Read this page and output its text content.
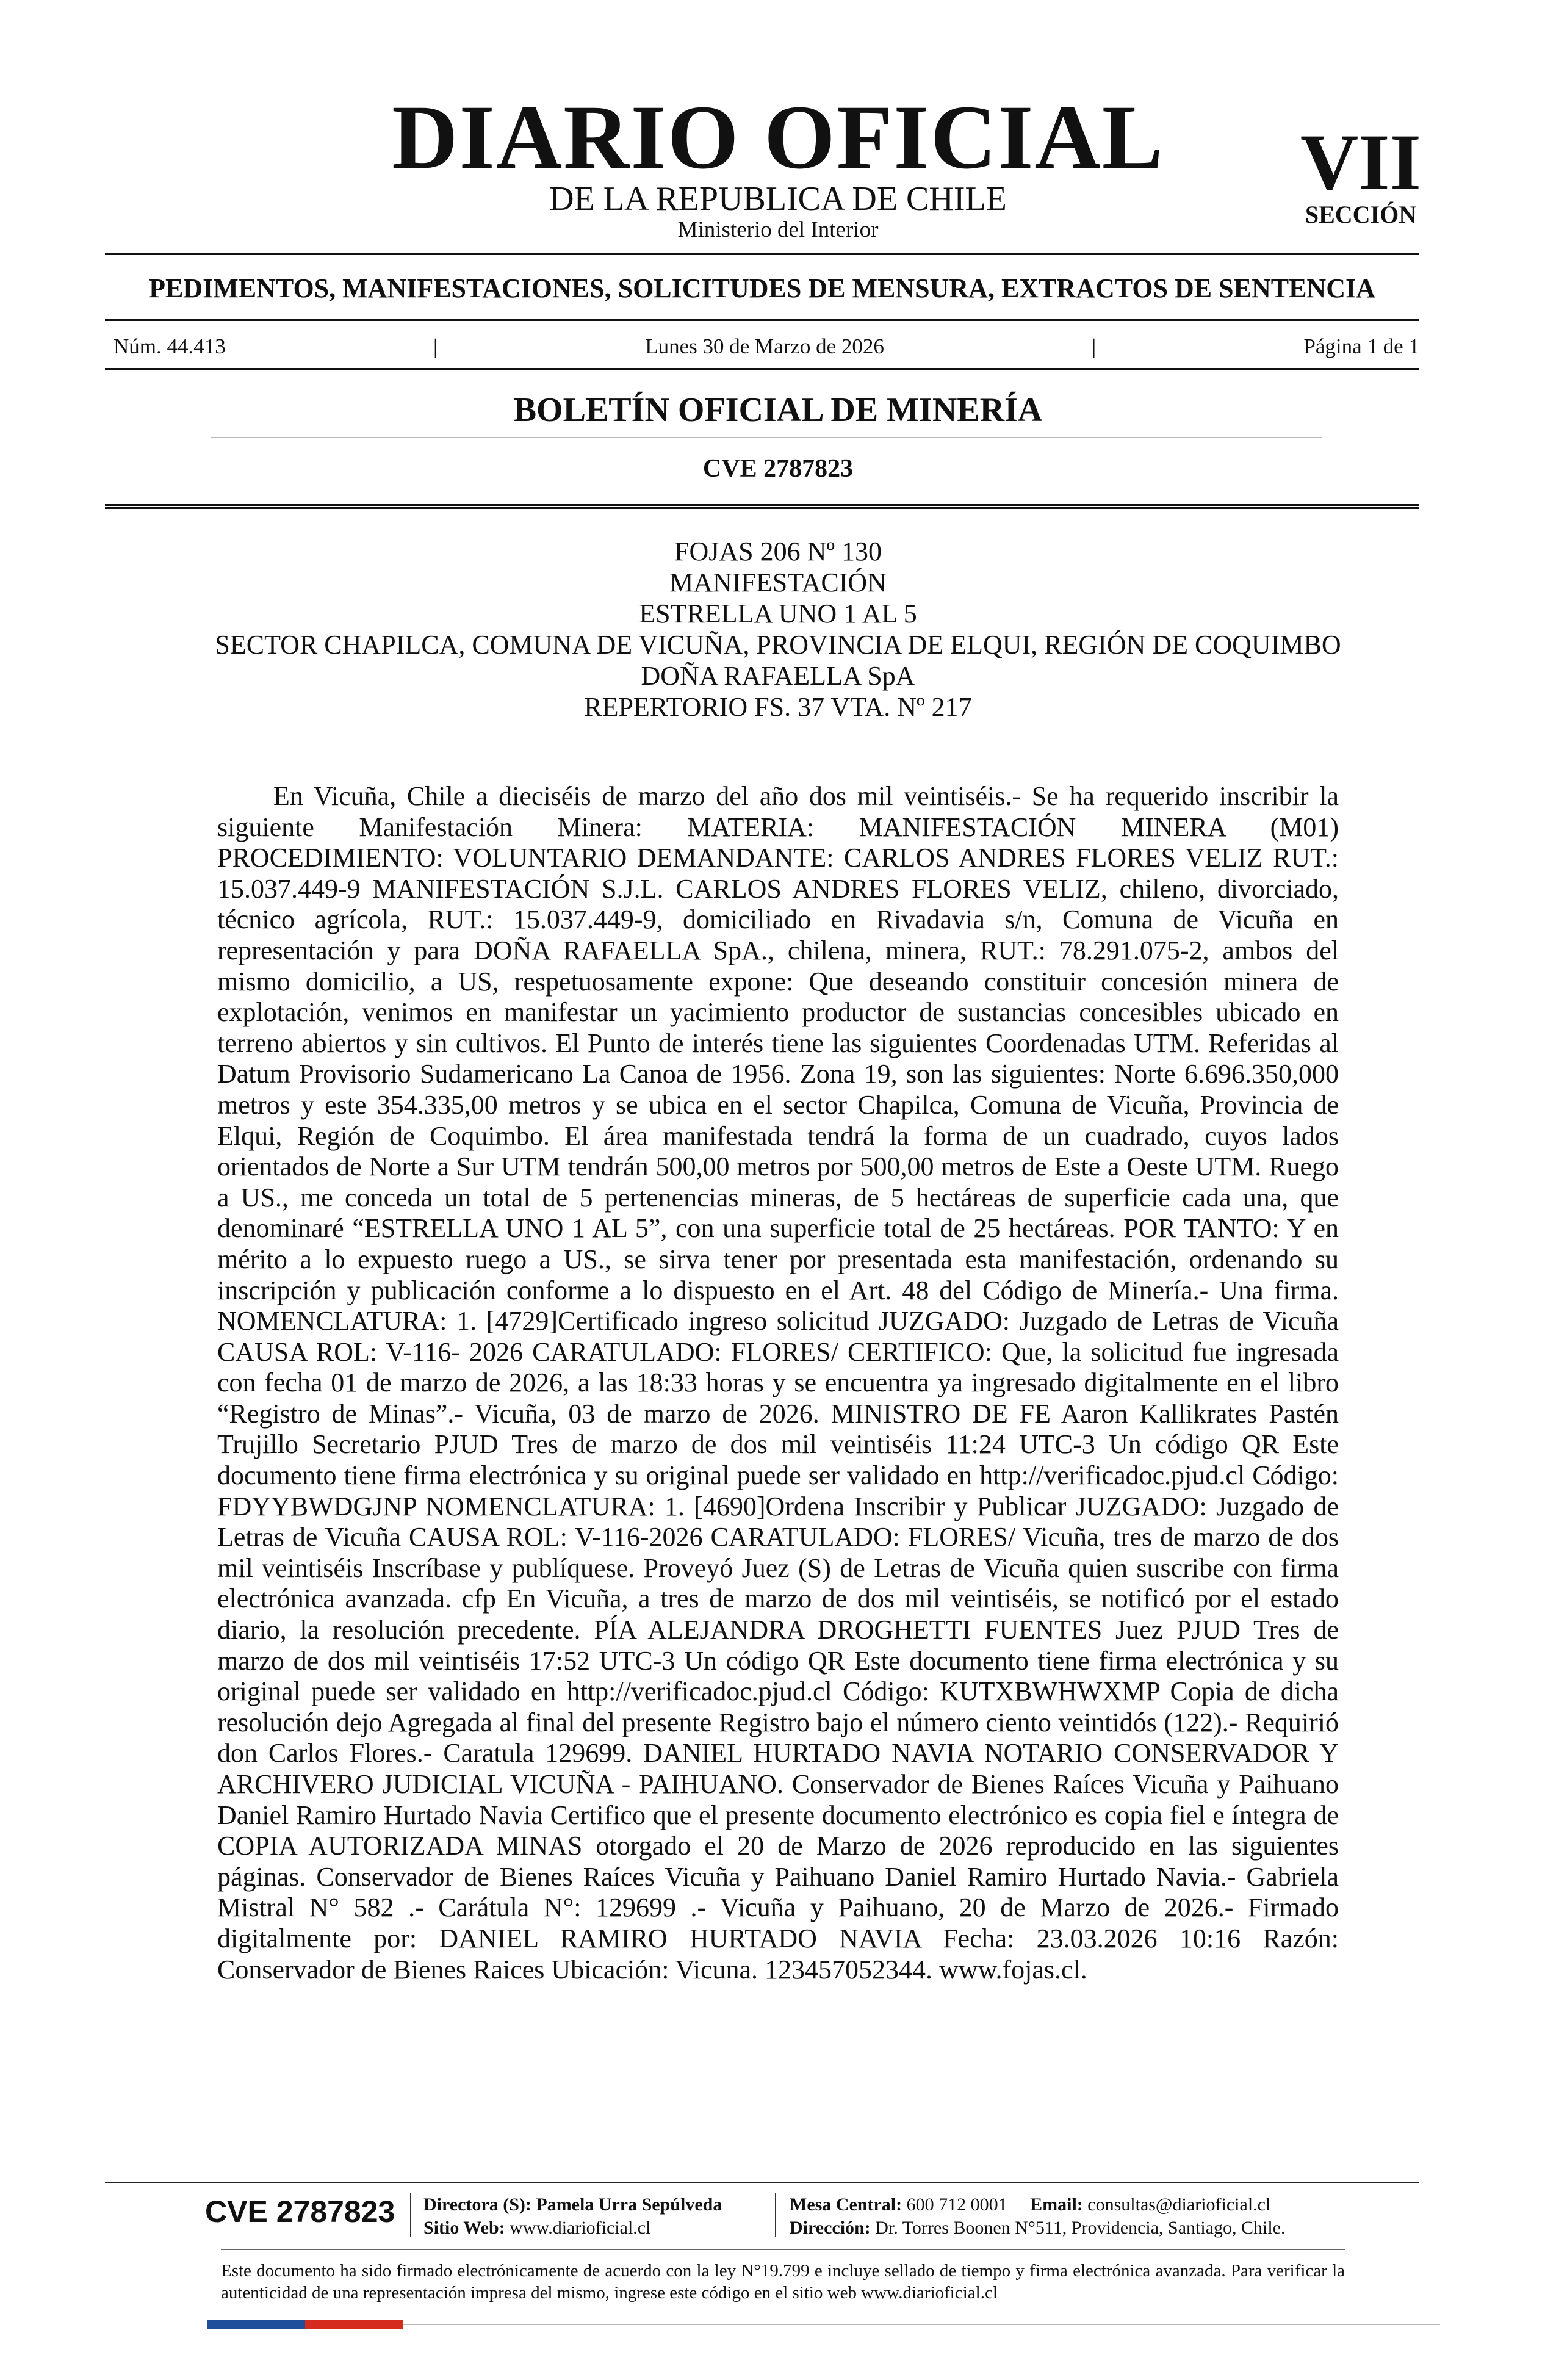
DIARIO OFICIAL
DE LA REPUBLICA DE CHILE
Ministerio del Interior
VII
SECCIÓN
PEDIMENTOS, MANIFESTACIONES, SOLICITUDES DE MENSURA, EXTRACTOS DE SENTENCIA
Núm. 44.413	|	Lunes 30 de Marzo de 2026	|	Página 1 de 1
BOLETÍN OFICIAL DE MINERÍA
CVE 2787823
FOJAS 206 Nº 130
MANIFESTACIÓN
ESTRELLA UNO 1 AL 5
SECTOR CHAPILCA, COMUNA DE VICUÑA, PROVINCIA DE ELQUI, REGIÓN DE COQUIMBO
DOÑA RAFAELLA SpA
REPERTORIO FS. 37 VTA. Nº 217
En Vicuña, Chile a dieciséis de marzo del año dos mil veintiséis.- Se ha requerido inscribir la siguiente Manifestación Minera: MATERIA: MANIFESTACIÓN MINERA (M01) PROCEDIMIENTO: VOLUNTARIO DEMANDANTE: CARLOS ANDRES FLORES VELIZ RUT.: 15.037.449-9 MANIFESTACIÓN S.J.L. CARLOS ANDRES FLORES VELIZ, chileno, divorciado, técnico agrícola, RUT.: 15.037.449-9, domiciliado en Rivadavia s/n, Comuna de Vicuña en representación y para DOÑA RAFAELLA SpA., chilena, minera, RUT.: 78.291.075-2, ambos del mismo domicilio, a US, respetuosamente expone: Que deseando constituir concesión minera de explotación, venimos en manifestar un yacimiento productor de sustancias concesibles ubicado en terreno abiertos y sin cultivos. El Punto de interés tiene las siguientes Coordenadas UTM. Referidas al Datum Provisorio Sudamericano La Canoa de 1956. Zona 19, son las siguientes: Norte 6.696.350,000 metros y este 354.335,00 metros y se ubica en el sector Chapilca, Comuna de Vicuña, Provincia de Elqui, Región de Coquimbo. El área manifestada tendrá la forma de un cuadrado, cuyos lados orientados de Norte a Sur UTM tendrán 500,00 metros por 500,00 metros de Este a Oeste UTM. Ruego a US., me conceda un total de 5 pertenencias mineras, de 5 hectáreas de superficie cada una, que denominaré “ESTRELLA UNO 1 AL 5”, con una superficie total de 25 hectáreas. POR TANTO: Y en mérito a lo expuesto ruego a US., se sirva tener por presentada esta manifestación, ordenando su inscripción y publicación conforme a lo dispuesto en el Art. 48 del Código de Minería.- Una firma. NOMENCLATURA: 1. [4729]Certificado ingreso solicitud JUZGADO: Juzgado de Letras de Vicuña CAUSA ROL: V-116- 2026 CARATULADO: FLORES/ CERTIFICO: Que, la solicitud fue ingresada con fecha 01 de marzo de 2026, a las 18:33 horas y se encuentra ya ingresado digitalmente en el libro “Registro de Minas”.- Vicuña, 03 de marzo de 2026. MINISTRO DE FE Aaron Kallikrates Pastén Trujillo Secretario PJUD Tres de marzo de dos mil veintiséis 11:24 UTC-3 Un código QR Este documento tiene firma electrónica y su original puede ser validado en http://verificadoc.pjud.cl Código: FDYYBWDGJNP NOMENCLATURA: 1. [4690]Ordena Inscribir y Publicar JUZGADO: Juzgado de Letras de Vicuña CAUSA ROL: V-116-2026 CARATULADO: FLORES/ Vicuña, tres de marzo de dos mil veintiséis Inscríbase y publíquese. Proveyó Juez (S) de Letras de Vicuña quien suscribe con firma electrónica avanzada. cfp En Vicuña, a tres de marzo de dos mil veintiséis, se notificó por el estado diario, la resolución precedente. PÍA ALEJANDRA DROGHETTI FUENTES Juez PJUD Tres de marzo de dos mil veintiséis 17:52 UTC-3 Un código QR Este documento tiene firma electrónica y su original puede ser validado en http://verificadoc.pjud.cl Código: KUTXBWHWXMP Copia de dicha resolución dejo Agregada al final del presente Registro bajo el número ciento veintidós (122).- Requirió don Carlos Flores.- Caratula 129699. DANIEL HURTADO NAVIA NOTARIO CONSERVADOR Y ARCHIVERO JUDICIAL VICUÑA - PAIHUANO. Conservador de Bienes Raíces Vicuña y Paihuano Daniel Ramiro Hurtado Navia Certifico que el presente documento electrónico es copia fiel e íntegra de COPIA AUTORIZADA MINAS otorgado el 20 de Marzo de 2026 reproducido en las siguientes páginas. Conservador de Bienes Raíces Vicuña y Paihuano Daniel Ramiro Hurtado Navia.- Gabriela Mistral N° 582 .- Carátula N°: 129699 .- Vicuña y Paihuano, 20 de Marzo de 2026.- Firmado digitalmente por: DANIEL RAMIRO HURTADO NAVIA Fecha: 23.03.2026 10:16 Razón: Conservador de Bienes Raices Ubicación: Vicuna. 123457052344. www.fojas.cl.
CVE 2787823 Directora (S): Pamela Urra Sepúlveda
Sitio Web: www.diarioficial.cl
Mesa Central: 600 712 0001 Email: consultas@diarioficial.cl
Dirección: Dr. Torres Boonen N°511, Providencia, Santiago, Chile.
Este documento ha sido firmado electrónicamente de acuerdo con la ley N°19.799 e incluye sellado de tiempo y firma electrónica avanzada. Para verificar la autenticidad de una representación impresa del mismo, ingrese este código en el sitio web www.diarioficial.cl
